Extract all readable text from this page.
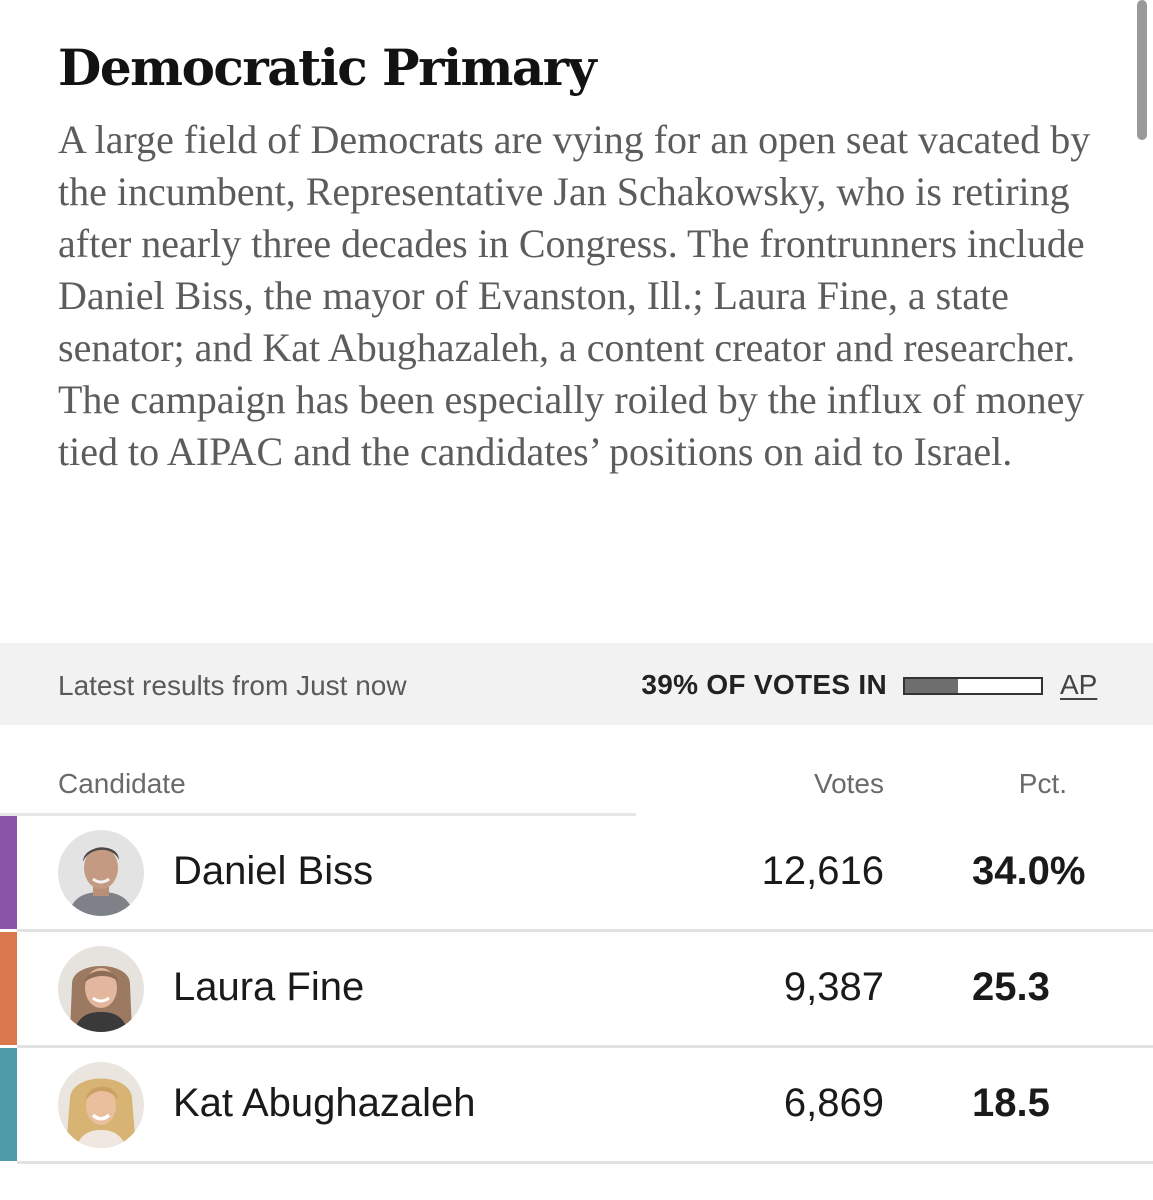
Democratic Primary

A large field of Democrats are vying for an open seat vacated by the incumbent, Representative Jan Schakowsky, who is retiring after nearly three decades in Congress. The frontrunners include Daniel Biss, the mayor of Evanston, Ill.; Laura Fine, a state senator; and Kat Abughazaleh, a content creator and researcher. The campaign has been especially roiled by the influx of money tied to AIPAC and the candidates’ positions on aid to Israel.

Latest results from Just now	39% OF VOTES IN	AP
Candidate	Votes	Pct.
Daniel Biss	12,616 34.0%
Laura Fine	9,387 25.3
Kat Abughazaleh	6,869 18.5
